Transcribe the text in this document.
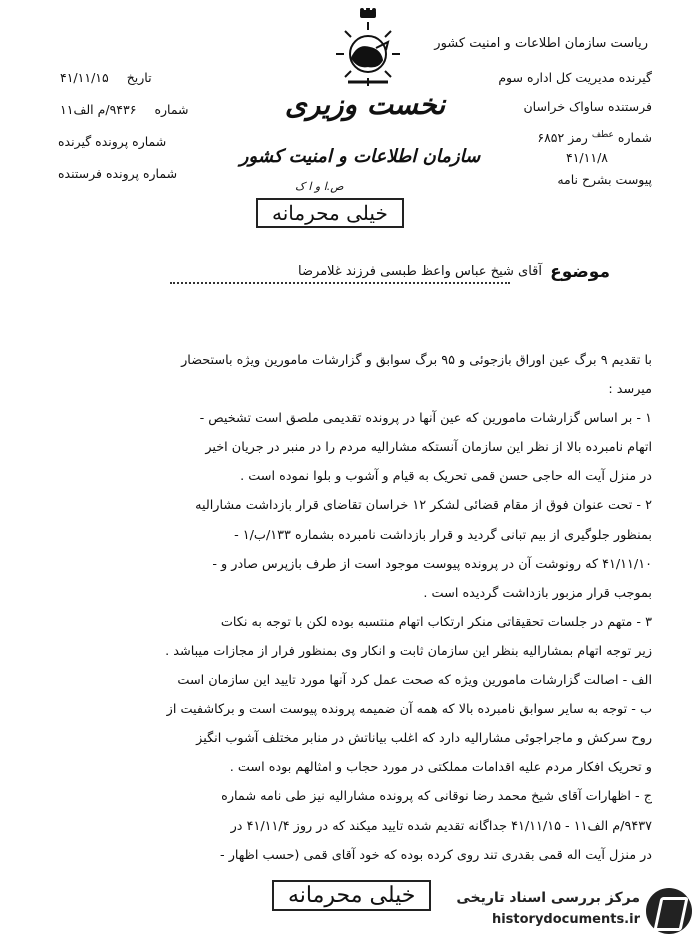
ریاست سازمان اطلاعات و امنیت کشور
گیرنده مدیریت کل اداره سوم
فرستنده ساواک خراسان
شماره $^{عطف}$ رمز ۶۸۵۲
۴۱/۱۱/۸
پیوست بشرح نامه
تاریخ ۴۱/۱۱/۱۵
شماره ۹۴۳۶/م الف۱۱
شماره پرونده گیرنده
شماره پرونده فرستنده
نخست وزیری
سازمان اطلاعات و امنیت کشور
ص.ا و ا ک
خیلی محرمانه
موضوع
آقای شیخ عباس واعظ طبسی فرزند غلامرضا
با تقدیم ۹ برگ عین اوراق بازجوئی و ۹۵ برگ سوابق و گزارشات مامورین ویژه باستحضار
میرسد :
۱ - بر اساس گزارشات مامورین که عین آنها در پرونده تقدیمی ملصق است تشخیص -
اتهام نامبرده بالا از نظر این سازمان آنستکه مشارالیه مردم را در منبر در جریان اخیر
در منزل آیت اله حاجی حسن قمی تحریک به قیام و آشوب و بلوا نموده است .
۲ - تحت عنوان فوق از مقام قضائی لشکر ۱۲ خراسان تقاضای قرار بازداشت مشارالیه
بمنظور جلوگیری از بیم تبانی گردید و قرار بازداشت نامبرده بشماره ۱۳۳/ب/۱ -
۴۱/۱۱/۱۰ که رونوشت آن در پرونده پیوست موجود است از طرف بازپرس صادر و -
بموجب قرار مزبور بازداشت گردیده است .
۳ - متهم در جلسات تحقیقاتی منکر ارتکاب اتهام منتسبه بوده لکن با توجه به نکات
زیر توجه اتهام بمشارالیه بنظر این سازمان ثابت و انکار وی بمنظور فرار از مجازات میباشد .
الف - اصالت گزارشات مامورین ویژه که صحت عمل کرد آنها مورد تایید این سازمان است
ب - توجه به سایر سوابق نامبرده بالا که همه آن ضمیمه پرونده پیوست است و برکاشفیت از
روح سرکش و ماجراجوئی مشارالیه دارد که اغلب بیاناتش در منابر مختلف آشوب انگیز
و تحریک افکار مردم علیه اقدامات مملکتی در مورد حجاب و امثالهم بوده است .
ج - اظهارات آقای شیخ محمد رضا نوقانی که پرونده مشارالیه نیز طی نامه شماره
۹۴۳۷/م الف۱۱ - ۴۱/۱۱/۱۵ جداگانه تقدیم شده تایید میکند که در روز ۴۱/۱۱/۴ در
در منزل آیت اله قمی بقدری تند روی کرده بوده که خود آقای قمی (حسب اظهار -
خیلی محرمانه	مرکز بررسی اسناد تاریخی
historydocuments.ir
